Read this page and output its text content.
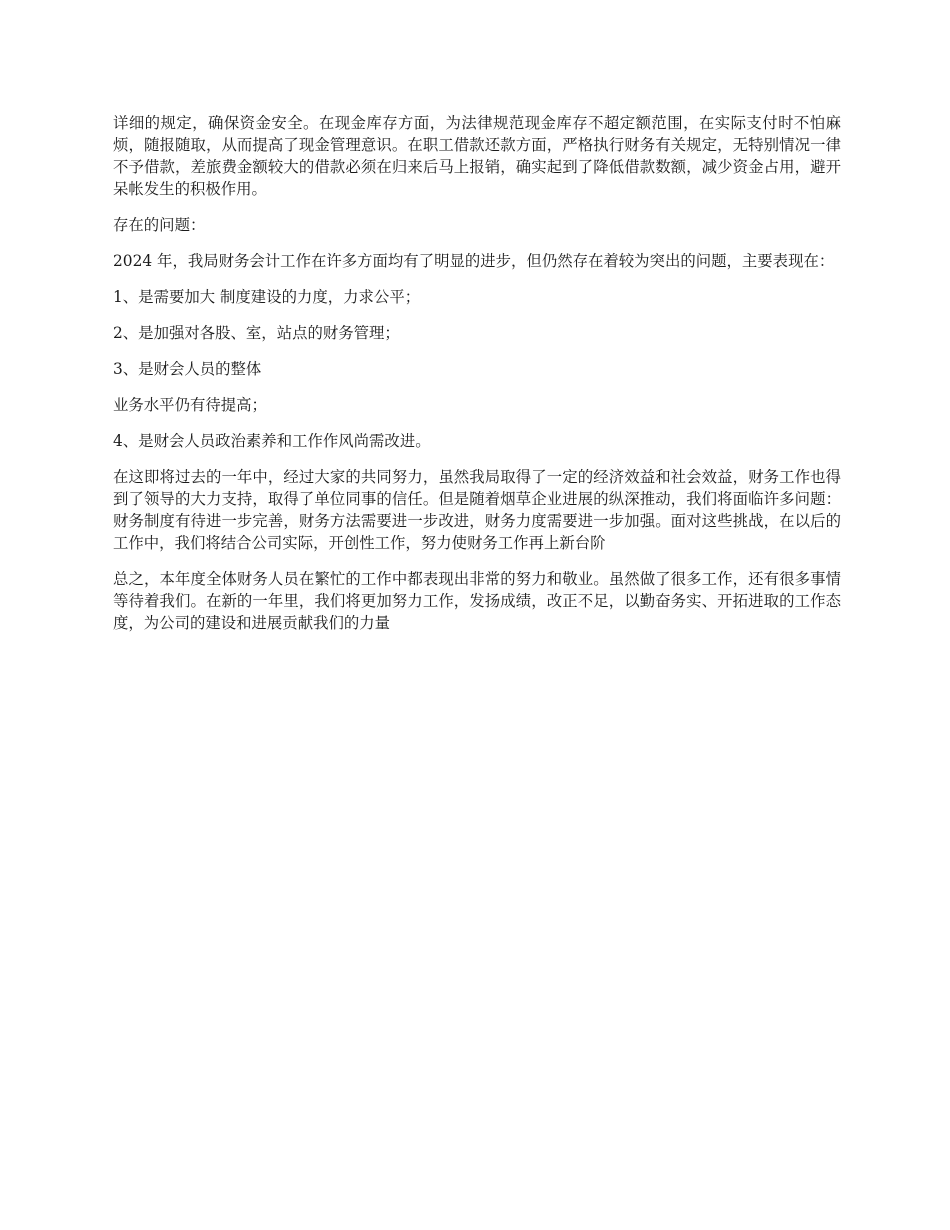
详细的规定，确保资金安全。在现金库存方面，为法律规范现金库存不超定额范围，在实际支付时不怕麻烦，随报随取，从而提高了现金管理意识。在职工借款还款方面，严格执行财务有关规定，无特别情况一律不予借款，差旅费金额较大的借款必须在归来后马上报销，确实起到了降低借款数额，减少资金占用，避开呆帐发生的积极作用。

存在的问题：

2024 年，我局财务会计工作在许多方面均有了明显的进步，但仍然存在着较为突出的问题，主要表现在：

1、是需要加大 制度建设的力度，力求公平；

2、是加强对各股、室，站点的财务管理；

3、是财会人员的整体

业务水平仍有待提高；

4、是财会人员政治素养和工作作风尚需改进。

在这即将过去的一年中，经过大家的共同努力，虽然我局取得了一定的经济效益和社会效益，财务工作也得到了领导的大力支持，取得了单位同事的信任。但是随着烟草企业进展的纵深推动，我们将面临许多问题：财务制度有待进一步完善，财务方法需要进一步改进，财务力度需要进一步加强。面对这些挑战，在以后的工作中，我们将结合公司实际，开创性工作，努力使财务工作再上新台阶

总之，本年度全体财务人员在繁忙的工作中都表现出非常的努力和敬业。虽然做了很多工作，还有很多事情等待着我们。在新的一年里，我们将更加努力工作，发扬成绩，改正不足，以勤奋务实、开拓进取的工作态度，为公司的建设和进展贡献我们的力量
